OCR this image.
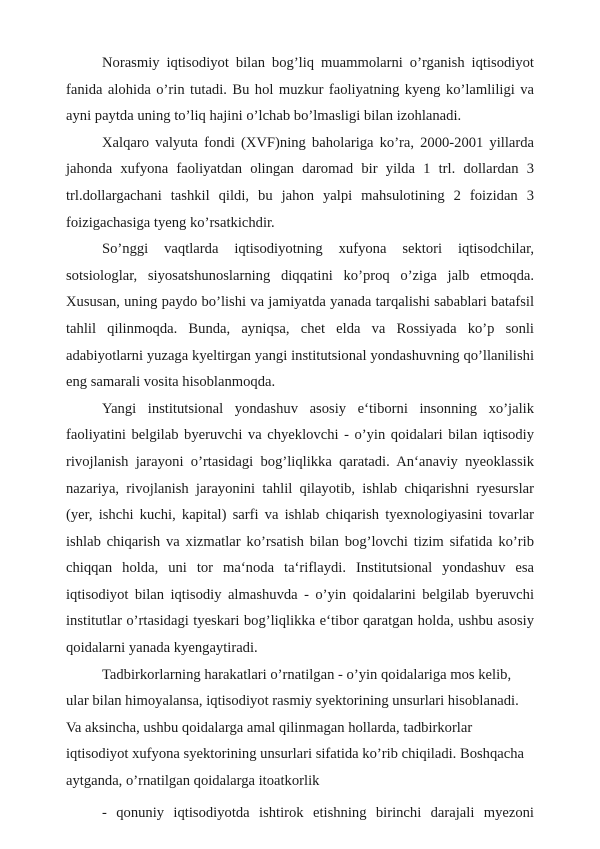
Norasmiy iqtisodiyot bilan bog’liq muammolarni o’rganish iqtisodiyot fanida alohida o’rin tutadi. Bu hol muzkur faoliyatning kyeng ko’lamliligi va ayni paytda uning to’liq hajini o’lchab bo’lmasligi bilan izohlanadi.

Xalqaro valyuta fondi (XVF)ning baholariga ko’ra, 2000-2001 yillarda jahonda xufyona faoliyatdan olingan daromad bir yilda 1 trl. dollardan 3 trl.dollargachani tashkil qildi, bu jahon yalpi mahsulotining 2 foizidan 3 foizigachasiga tyeng ko’rsatkichdir.

So’nggi vaqtlarda iqtisodiyotning xufyona sektori iqtisodchilar, sotsiologlar, siyosatshunoslarning diqqatini ko’proq o’ziga jalb etmoqda. Xususan, uning paydo bo’lishi va jamiyatda yanada tarqalishi sabablari batafsil tahlil qilinmoqda. Bunda, ayniqsa, chet elda va Rossiyada ko’p sonli adabiyotlarni yuzaga kyeltirgan yangi institutsional yondashuvning qo’llanilishi eng samarali vosita hisoblanmoqda.

Yangi institutsional yondashuv asosiy e‘tiborni insonning xo’jalik faoliyatini belgilab byeruvchi va chyeklovchi - o’yin qoidalari bilan iqtisodiy rivojlanish jarayoni o’rtasidagi bog’liqlikka qaratadi. An‘anaviy nyeoklassik nazariya, rivojlanish jarayonini tahlil qilayotib, ishlab chiqarishni ryesurslar (yer, ishchi kuchi, kapital) sarfi va ishlab chiqarish tyexnologiyasini tovarlar ishlab chiqarish va xizmatlar ko’rsatish bilan bog’lovchi tizim sifatida ko’rib chiqqan holda, uni tor ma‘noda ta‘riflaydi. Institutsional yondashuv esa iqtisodiyot bilan iqtisodiy almashuvda - o’yin qoidalarini belgilab byeruvchi institutlar o’rtasidagi tyeskari bog’liqlikka e‘tibor qaratgan holda, ushbu asosiy qoidalarni yanada kyengaytiradi.

Tadbirkorlarning harakatlari o’rnatilgan - o’yin qoidalariga mos kelib, ular bilan himoyalansa, iqtisodiyot rasmiy syektorining unsurlari hisoblanadi. Va aksincha, ushbu qoidalarga amal qilinmagan hollarda, tadbirkorlar iqtisodiyot xufyona syektorining unsurlari sifatida ko’rib chiqiladi. Boshqacha aytganda, o’rnatilgan qoidalarga itoatkorlik

- qonuniy iqtisodiyotda ishtirok etishning birinchi darajali myezoni
